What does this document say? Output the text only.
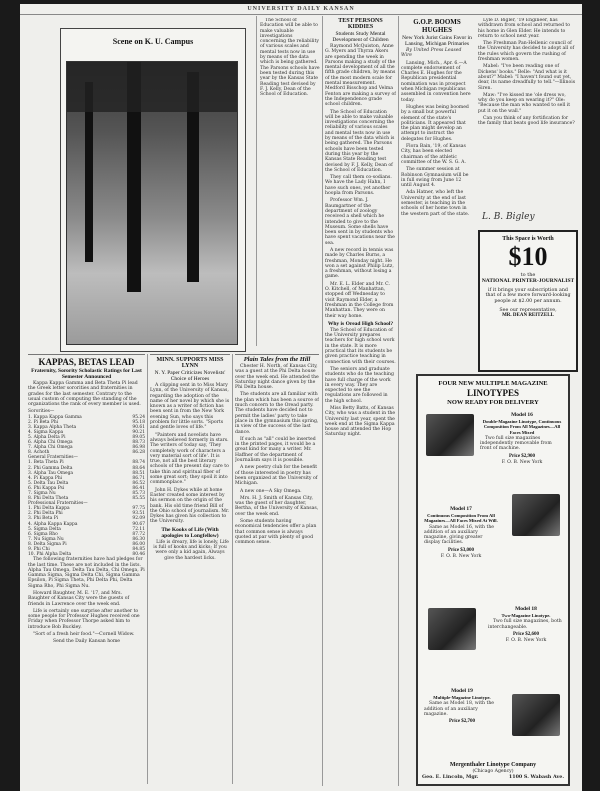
UNIVERSITY DAILY KANSAN
Scene on K. U. Campus
KAPPAS, BETAS LEAD
Fraternity, Sorority Scholastic Ratings for Last Semester Announced

Kappa Kappa Gamma and Beta Theta Pi lead the Greek letter sororities and fraternities in grades for the last semester. Contrary to the usual custom of computing the standing of the organizations the rank of every member is used.

Sororities—
1. Kappa Kappa Gamma	95.24
2. Pi Beta Phi	95.18
3. Kappa Alpha Theta	90.61
4. Sigma Kappa	90.21
5. Alpha Delta Pi	89.05
6. Alpha Chi Omega	88.73
7. Alpha Chi Omega	86.98
8. Achoth	86.28
General Fraternities—
1. Beta Theta Pi	88.74
2. Phi Gamma Delta	88.64
3. Alpha Tau Omega	88.51
4. Pi Kappa Phi	86.71
5. Delta Tau Delta	86.52
6. Phi Kappa Psi	86.41
7. Sigma Nu	85.73
8. Phi Delta Theta	85.55
Professional Fraternities—
1. Phi Delta Kappa	97.75
2. Phi Delta Phi	93.51
3. Phi Beta Pi	92.09
4. Alpha Kappa Kappa	90.67
5. Sigma Delta	72.11
6. Sigma Rho	87.72
7. Nu Sigma Nu	86.30
8. Delta Sigma Pi	86.00
9. Phi Chi	84.85
10. Phi Alpha Delta	80.46

The following fraternities have had pledges for the last time. These are not included in the lists. Alpha Tau Omega, Delta Tau Delta, Chi Omega, Pi Gamma Sigma, Sigma Delta Chi, Sigma Gamma Epsilon, Pi Sigma Theta, Phi Delta Phi, Delta Sigma Rho, Phi Sigma Nu.

Howard Baughter, M. E. '17, and Mrs. Baughter of Kansas City were the guests of friends in Lawrence over the week end.

Life is certainly one surprise after another to some people for Professor Hughes received one Friday when Professor Thorpe asked him to introduce Bob Buckley.

"Sort of a fresh heir food."—Cornell Widow.

Send the Daily Kansan home
MINN. SUPPORTS MISS LYNN
N. Y. Paper Criticizes Novelists' Choice of Heroes

A clipping sent in to Miss Mary Lynn, of the University of Kansas, regarding the adoption of the name of her novel by which she is known as a writer of fiction has been sent in from the New York evening Sun, who says this problem for little sorts. "Sports and gentle loves of life."

"Painters and novelists have always believed formerly in stars. The writers of today say, 'They completely work of characters a very material sort of life'. It is true, not all the best literary schools of the present day care to take thin and spiritual fiber of some great sort; they spoil it into commonplace."

John H. Dykes while at home Easter created some interest by his sermon on the origin of the bank. His old time friend Bill of the Ohio school of journalism. Mr. Dykes has given his collection to the University.

The Kooks of Life (With apologies to Longfellow)

Life is dreary, life is lonely, Life is full of kooks and kicks; If you were only a kid again, Always give the hardest licks.

Plain Tales from the Hill

Chester H. North, of Kansas City, was a guest at the Phi Delta house over the week end. He attended the Saturday night dance given by the Phi Delta house.

The students are all familiar with the plan which has been a source of much concern to the Oread party. The students have decided not to permit the ladies' party to take place in the gymnasium this spring, in view of the success of the last dance.

If such as "all" could be inserted in the printed pages, it would be a great kind for many a writer. Mr. Haffner of the department of Journalism says it is possible.

A new poetry club for the benefit of those interested in poetry has been organized at the University of Michigan.

A new one—A Sky Omega.

Mrs. H. J. Smith of Kansas City, was the guest of her daughter, Bertha, of the University of Kansas, over the week end.

Some students having economical tendencies offer a plan that common sense is always quoted at par with plenty of good common sense.

TEST PERSONS KIDDIES
Students Study Mental Development of Children

Raymond McQuiston, Anne G. Myers and Thyrza Akers are spending the week in Parsons making a study of the mental development of all the fifth grade children, by means of the most modern scale for mental measurement. Medford Bisschop and Velma Fenton are making a survey of the Independence grade school children.

The School of Education will be able to make valuable investigations concerning the reliability of various scales and mental tests now in use by means of the data which is being gathered. The Parsons schools have been tested during this year by the Kansas State Reading test devised by F. J. Kelly, Dean of the School of Education.

They call them co-sodians. We have the Lady Hahn, I have such ones, yet another hoopla from Parsons.

Professor Wm. J. Baumgartner of the department of zoology received a shell which he intended to give to the Museum. Some shells have been sent in by students who have spent vacations near the sea.

A new record in tennis was made by Charles Burns, a freshman, Monday night. He won a set against Philip Lutz, a freshman, without losing a game.

Mr. E. L. Elder and Mr. C. O. Kitchell, of Manhattan, stopped off Wednesday to visit Raymond Elder, a freshman in the College from Manhattan. They were on their way home.

Why is Oread High School?

The School of Education of the University prepares teachers for high school work in the state. It is more practical that its students be given practice teaching in connection with their courses.

The seniors and graduate students who do the teaching have full charge of the work in every way. They are expected to see the regulations are followed in the high school.

Miss Betty Batts, of Kansas City, who was a student in the University last year, spent the week end at the Sigma Kappa house and attended the Hop Saturday night.

The School of Education will be able to make valuable investigations concerning the reliability of various scales and mental tests now in use by means of the data which is being gathered. The Parsons schools have been tested during this year by the Kansas State Reading test devised by F. J. Kelly, Dean of the School of Education.

G.O.P. BOOMS HUGHES
New York Jurist Gains Favor in Lansing, Michigan Primaries

By United Press Leased Wire

Lansing, Mich., Apr. 6.—A complete endorsement of Charles E. Hughes for the Republican presidential nomination was in prospect when Michigan republicans assembled in convention here today.

Hughes was being boomed by a small but powerful element of the state's politicians. It appeared that the plan might develop an attempt to instruct the delegates for Hughes.

Flora Bain, '19, of Kansas City, has been elected chairman of the athletic committee of the W. S. G. A.

The summer session at Robinson Gymnasium will be in full swing from June 12 until August 4.

Ada Hatner, who left the University at the end of last semester, is teaching in the schools of her home town in the western part of the state.

Lyle D. Bigler, '19 Engineer, has withdrawn from school and returned to his home in Glen Elder. He intends to return to school next year.

The Freshman Pan-Hellenic council of the University has decided to adopt all of the rules which govern the rushing of freshman women.

Mabel: "I've been reading one of Dickens' books." Belle: "And what is it about?" Mabel: "I haven't found out yet, dear, its name dreadfully to tell."—Illinois Siren.

Maw: "I've kissed me 'ole dress wo, why do you keep on wearing it?" Ole: "Because the man who wanted to sell it put it on the wall."

Can you think of any fortification for the family that beats good life insurance?

L. B. Bigley
This Space is Worth
$10
to the
NATIONAL PRINTER-JOURNALIST
if it brings your subscription and that of a few more forward-looking people at $2.00 per annum.
See our representative,
MR. DEAN REITZELL
FOUR NEW MULTIPLE MAGAZINE
LINOTYPES
NOW READY FOR DELIVERY
Model 16
Double-Magazine Linotype, Continuous Composition From All Magazines—All Faces Mixed

Two full size magazines independently removable from front of machine.

Price $2,900
F. O. B. New York
Model 17
Continuous Composition From All Magazines—All Faces Mixed At Will.

Same as Model 16, with the addition of an auxiliary magazine, giving greater display facilities.

Price $3,000
F. O. B. New York
Model 18
Two-Magazine Linotype.

Two full size magazines, both interchangeable.

Price $2,600
F. O. B. New York
Model 19
Multiple-Magazine Linotype.

Same as Model 18, with the addition of an auxiliary magazine.

Price $2,700
Mergenthaler Linotype Company
(Chicago Agency)
Geo. E. Lincoln, Mgr.	1100 S. Wabash Ave.
